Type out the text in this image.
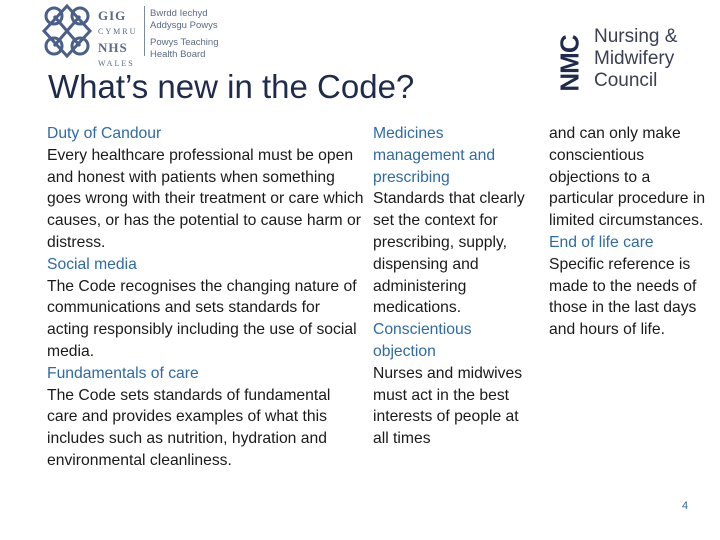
GIG
CYMRU
NHS
WALES
Bwrdd Iechyd
Addysgu Powys
Powys Teaching
Health Board	NMC Nursing &
Midwifery
Council
What’s new in the Code?

Duty of Candour

Every healthcare professional must be open and honest with patients when something goes wrong with their treatment or care which causes, or has the potential to cause harm or distress.

Social media

The Code recognises the changing nature of communications and sets standards for acting responsibly including the use of social media.

Fundamentals of care

The Code sets standards of fundamental care and provides examples of what this includes such as nutrition, hydration and environmental cleanliness.

Medicines management and prescribing

Standards that clearly set the context for prescribing, supply, dispensing and administering medications.

Conscientious objection

Nurses and midwives must act in the best interests of people at all times

and can only make conscientious objections to a particular procedure in limited circumstances.

End of life care

Specific reference is made to the needs of those in the last days and hours of life.

4
